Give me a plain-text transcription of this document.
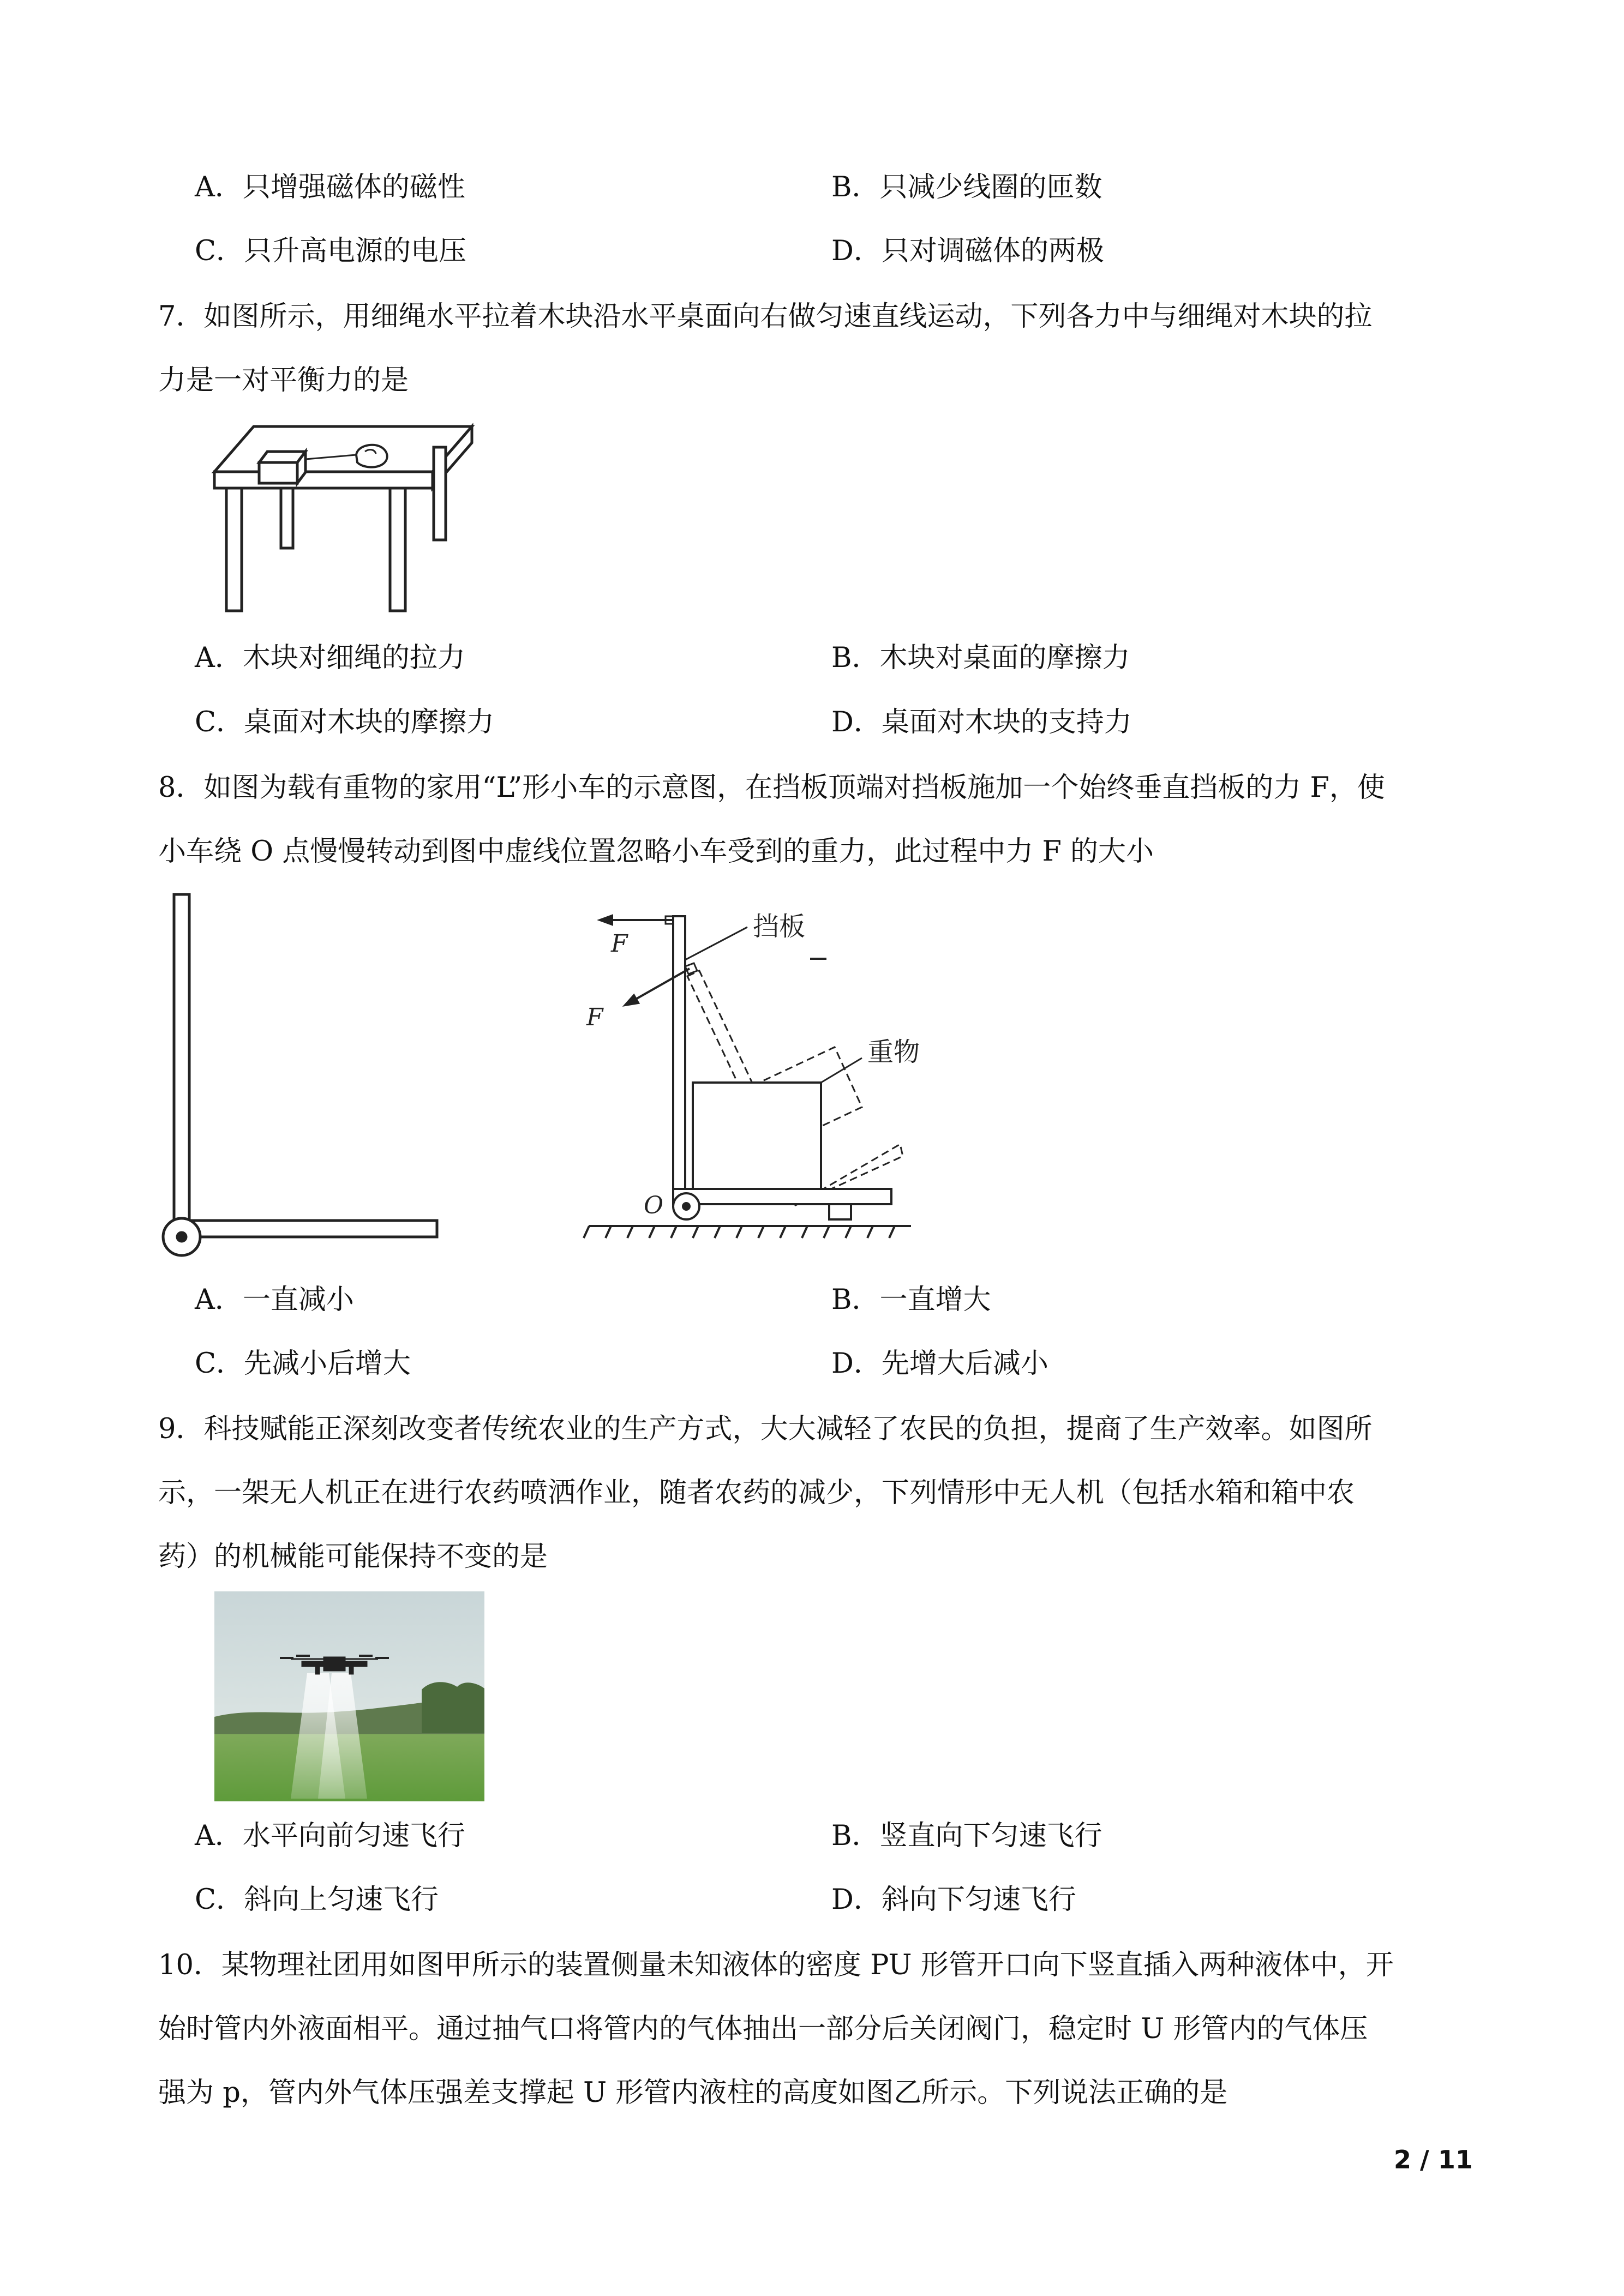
A．只增强磁体的磁性	B．只减少线圈的匝数
C．只升高电源的电压	D．只对调磁体的两极
7．如图所示，用细绳水平拉着木块沿水平桌面向右做匀速直线运动，下列各力中与细绳对木块的拉
力是一对平衡力的是
A．木块对细绳的拉力	B．木块对桌面的摩擦力
C．桌面对木块的摩擦力	D．桌面对木块的支持力
8．如图为载有重物的家用“L”形小车的示意图，在挡板顶端对挡板施加一个始终垂直挡板的力 F，使
小车绕 O 点慢慢转动到图中虚线位置忽略小车受到的重力，此过程中力 F 的大小
F
F
挡板
重物
O
A．一直减小	B．一直增大
C．先减小后增大	D．先增大后减小
9．科技赋能正深刻改变者传统农业的生产方式，大大减轻了农民的负担，提商了生产效率。如图所
示，一架无人机正在进行农药喷洒作业，随者农药的减少，下列情形中无人机（包括水箱和箱中农
药）的机械能可能保持不变的是
A．水平向前匀速飞行	B．竖直向下匀速飞行
C．斜向上匀速飞行	D．斜向下匀速飞行
10．某物理社团用如图甲所示的装置侧量未知液体的密度 PU 形管开口向下竖直插入两种液体中，开
始时管内外液面相平。通过抽气口将管内的气体抽出一部分后关闭阀门，稳定时 U 形管内的气体压
强为 p，管内外气体压强差支撑起 U 形管内液柱的高度如图乙所示。下列说法正确的是
2 / 11
